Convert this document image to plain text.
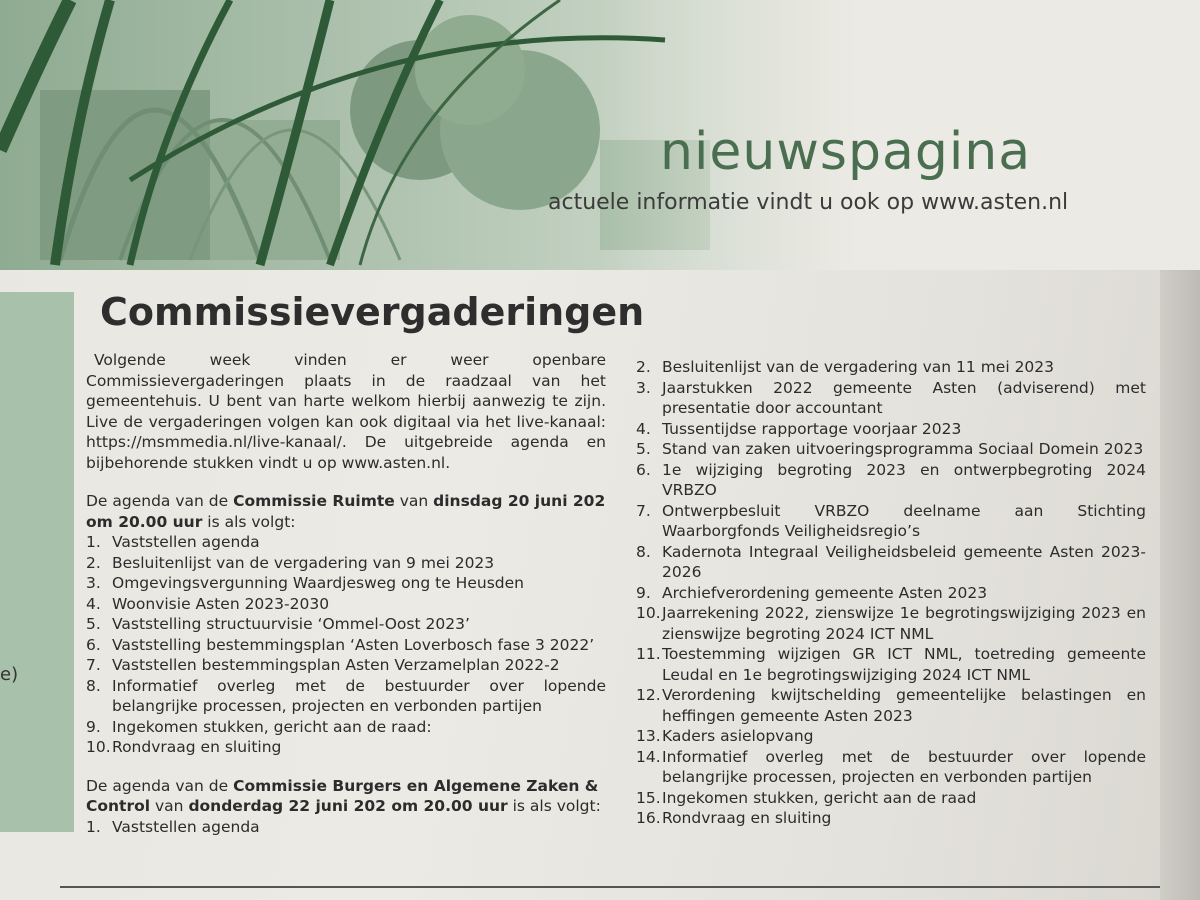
nieuwspagina
actuele informatie vindt u ook op www.asten.nl
e)
Commissievergaderingen

Volgende week vinden er weer openbare Commissievergaderingen plaats in de raadzaal van het gemeentehuis. U bent van harte welkom hierbij aanwezig te zijn. Live de vergaderingen volgen kan ook digitaal via het live-kanaal: https://msmmedia.nl/live-kanaal/. De uitgebreide agenda en bijbehorende stukken vindt u op www.asten.nl.

De agenda van de Commissie Ruimte van dinsdag 20 juni 202 om 20.00 uur is als volgt:

1. Vaststellen agenda
2. Besluitenlijst van de vergadering van 9 mei 2023
3. Omgevingsvergunning Waardjesweg ong te Heusden
4. Woonvisie Asten 2023-2030
5. Vaststelling structuurvisie ‘Ommel-Oost 2023’
6. Vaststelling bestemmingsplan ‘Asten Loverbosch fase 3 2022’
7. Vaststellen bestemmingsplan Asten Verzamelplan 2022-2
8. Informatief overleg met de bestuurder over lopende belangrijke processen, projecten en verbonden partijen
9. Ingekomen stukken, gericht aan de raad:
10. Rondvraag en sluiting

De agenda van de Commissie Burgers en Algemene Zaken & Control van donderdag 22 juni 202 om 20.00 uur is als volgt:

1. Vaststellen agenda
2. Besluitenlijst van de vergadering van 11 mei 2023
3. Jaarstukken 2022 gemeente Asten (adviserend) met presentatie door accountant
4. Tussentijdse rapportage voorjaar 2023
5. Stand van zaken uitvoeringsprogramma Sociaal Domein 2023
6. 1e wijziging begroting 2023 en ontwerpbegroting 2024 VRBZO
7. Ontwerpbesluit VRBZO deelname aan Stichting Waarborgfonds Veiligheidsregio’s
8. Kadernota Integraal Veiligheidsbeleid gemeente Asten 2023-2026
9. Archiefverordening gemeente Asten 2023
10. Jaarrekening 2022, zienswijze 1e begrotingswijziging 2023 en zienswijze begroting 2024 ICT NML
11. Toestemming wijzigen GR ICT NML, toetreding gemeente Leudal en 1e begrotingswijziging 2024 ICT NML
12. Verordening kwijtschelding gemeentelijke belastingen en heffingen gemeente Asten 2023
13. Kaders asielopvang
14. Informatief overleg met de bestuurder over lopende belangrijke processen, projecten en verbonden partijen
15. Ingekomen stukken, gericht aan de raad
16. Rondvraag en sluiting
